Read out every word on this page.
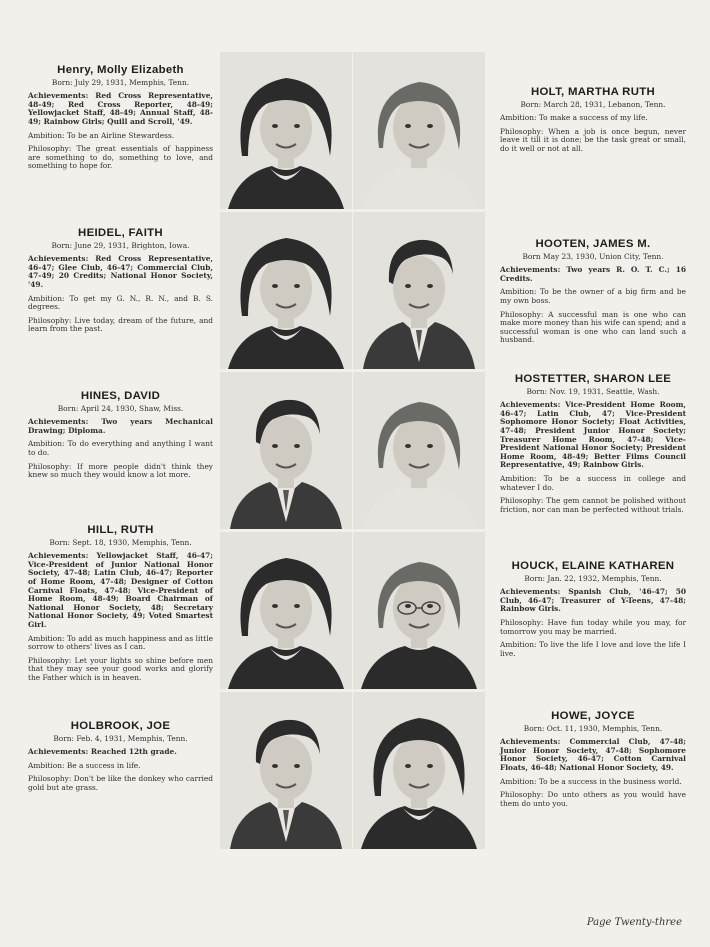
Henry, Molly Elizabeth
Born: July 29, 1931, Memphis, Tenn.
Achievements: Red Cross Representative, 48-49; Red Cross Reporter, 48-49; Yellowjacket Staff, 48-49; Annual Staff, 48-49; Rainbow Girls; Quill and Scroll, '49.
Ambition: To be an Airline Stewardess.
Philosophy: The great essentials of happiness are something to do, something to love, and something to hope for.
HEIDEL, FAITH
Born: June 29, 1931, Brighton, Iowa.
Achievements: Red Cross Representative, 46-47; Glee Club, 46-47; Commercial Club, 47-49; 20 Credits; National Honor Society, '49.
Ambition: To get my G. N., R. N., and B. S. degrees.
Philosophy: Live today, dream of the future, and learn from the past.
HINES, DAVID
Born: April 24, 1930, Shaw, Miss.
Achievements: Two years Mechanical Drawing; Diploma.
Ambition: To do everything and anything I want to do.
Philosophy: If more people didn't think they knew so much they would know a lot more.
HILL, RUTH
Born: Sept. 18, 1930, Memphis, Tenn.
Achievements: Yellowjacket Staff, 46-47; Vice-President of Junior National Honor Society, 47-48; Latin Club, 46-47; Reporter of Home Room, 47-48; Designer of Cotton Carnival Floats, 47-48; Vice-President of Home Room, 48-49; Board Chairman of National Honor Society, 48; Secretary National Honor Society, 49; Voted Smartest Girl.
Ambition: To add as much happiness and as little sorrow to others' lives as I can.
Philosophy: Let your lights so shine before men that they may see your good works and glorify the Father which is in heaven.
HOLBROOK, JOE
Born: Feb. 4, 1931, Memphis, Tenn.
Achievements: Reached 12th grade.
Ambition: Be a success in life.
Philosophy: Don't be like the donkey who carried gold but ate grass.
HOLT, MARTHA RUTH
Born: March 28, 1931, Lebanon, Tenn.
Ambition: To make a success of my life.
Philosophy: When a job is once begun, never leave it till it is done; be the task great or small, do it well or not at all.
HOOTEN, JAMES M.
Born May 23, 1930, Union City, Tenn.
Achievements: Two years R. O. T. C.; 16 Credits.
Ambition: To be the owner of a big firm and be my own boss.
Philosophy: A successful man is one who can make more money than his wife can spend; and a successful woman is one who can land such a husband.
HOSTETTER, SHARON LEE
Born: Nov. 19, 1931, Seattle, Wash.
Achievements: Vice-President Home Room, 46-47; Latin Club, 47; Vice-President Sophomore Honor Society; Float Activities, 47-48; President Junior Honor Society; Treasurer Home Room, 47-48; Vice-President National Honor Society; President Home Room, 48-49; Better Films Council Representative, 49; Rainbow Girls.
Ambition: To be a success in college and whatever I do.
Philosophy: The gem cannot be polished without friction, nor can man be perfected without trials.
HOUCK, ELAINE KATHAREN
Born: Jan. 22, 1932, Memphis, Tenn.
Achievements: Spanish Club, '46-47; 50 Club, 46-47; Treasurer of Y-Teens, 47-48; Rainbow Girls.
Philosophy: Have fun today while you may, for tomorrow you may be married.
Ambition: To live the life I love and love the life I live.
HOWE, JOYCE
Born: Oct. 11, 1930, Memphis, Tenn.
Achievements: Commercial Club, 47-48; Junior Honor Society, 47-48; Sophomore Honor Society, 46-47; Cotton Carnival Floats, 46-48; National Honor Society, 49.
Ambition: To be a success in the business world.
Philosophy: Do unto others as you would have them do unto you.
Page Twenty-three
